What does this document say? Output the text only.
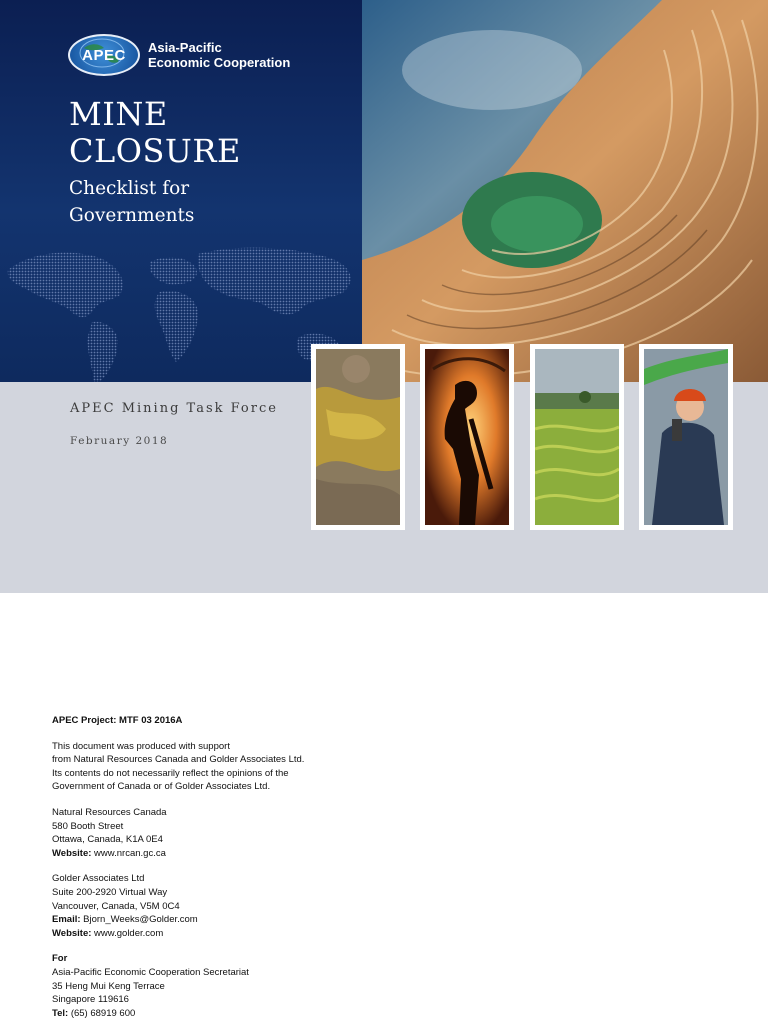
APEC Asia-Pacific
Economic Cooperation
MINE
CLOSURE
Checklist for
Governments
APEC Mining Task Force
February 2018

APEC Project: MTF 03 2016A

This document was produced with support
from Natural Resources Canada and Golder Associates Ltd.
Its contents do not necessarily reflect the opinions of the
Government of Canada or of Golder Associates Ltd.

Natural Resources Canada
580 Booth Street
Ottawa, Canada, K1A 0E4
Website: www.nrcan.gc.ca

Golder Associates Ltd
Suite 200-2920 Virtual Way
Vancouver, Canada, V5M 0C4
Email: Bjorn_Weeks@Golder.com
Website: www.golder.com

For
Asia-Pacific Economic Cooperation Secretariat
35 Heng Mui Keng Terrace
Singapore 119616
Tel: (65) 68919 600
